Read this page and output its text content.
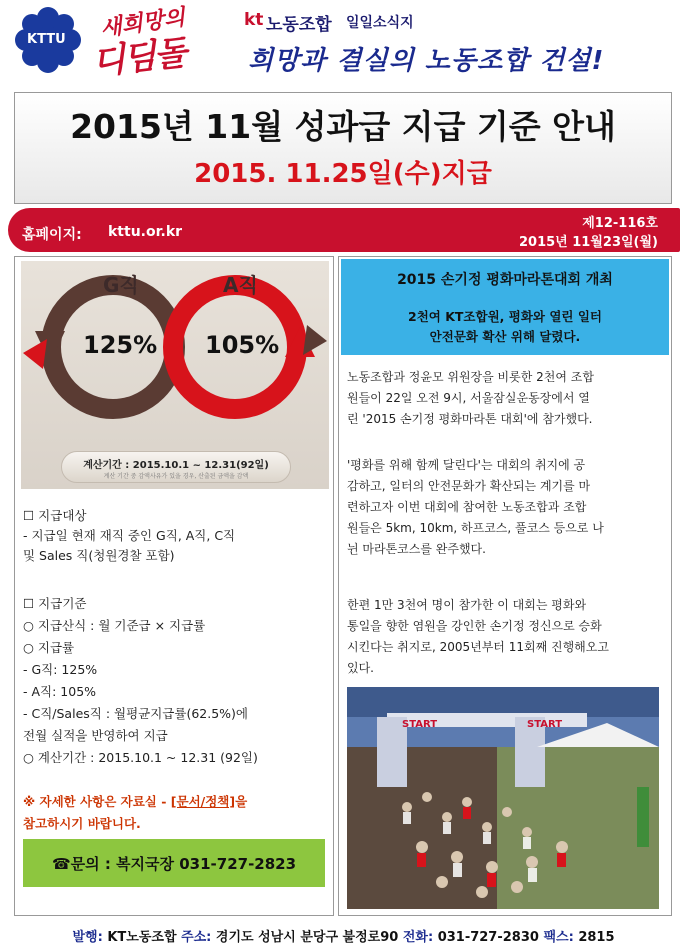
KTTU 새희망의
디딤돌
kt 노동조합 일일소식지
희망과 결실의 노동조합 건설!
2015년 11월 성과급 지급 기준 안내
2015. 11.25일(수)지급
홈페이지: kttu.or.kr
제12-116호
2015년 11월23일(월)
G직	A직
125% 105%
계산기간 : 2015.10.1 ~ 12.31(92일)
계산 기간 중 감액사유가 있을 경우, 산출된 금액을 감액
☐ 지급대상
- 지급일 현재 재직 중인 G직, A직, C직
및 Sales 직(청원경찰 포함)
☐ 지급기준
○ 지급산식 : 월 기준급 × 지급률
○ 지급률
- G직: 125%
- A직: 105%
- C직/Sales직 : 월평균지급률(62.5%)에
전월 실적을 반영하여 지급
○ 계산기간 : 2015.10.1 ~ 12.31 (92일)
※ 자세한 사항은 자료실 - [문서/정책]을
참고하시기 바랍니다.
☎문의 : 복지국장 031-727-2823
2015 손기정 평화마라톤대회 개최
2천여 KT조합원, 평화와 열린 일터
안전문화 확산 위해 달렸다.
노동조합과 정윤모 위원장을 비롯한 2천여 조합
원들이 22일 오전 9시, 서울잠실운동장에서 열
린 '2015 손기정 평화마라톤 대회'에 참가했다.
'평화를 위해 함께 달린다'는 대회의 취지에 공
감하고, 일터의 안전문화가 확산되는 계기를 마
련하고자 이번 대회에 참여한 노동조합과 조합
원들은 5km, 10km, 하프코스, 풀코스 등으로 나
뉜 마라톤코스를 완주했다.
한편 1만 3천여 명이 참가한 이 대회는 평화와
통일을 향한 염원을 강인한 손기정 정신으로 승화
시킨다는 취지로, 2005년부터 11회째 진행해오고
있다.
START	START
발행: KT노동조합 주소: 경기도 성남시 분당구 불정로90 전화: 031-727-2830 팩스: 2815
